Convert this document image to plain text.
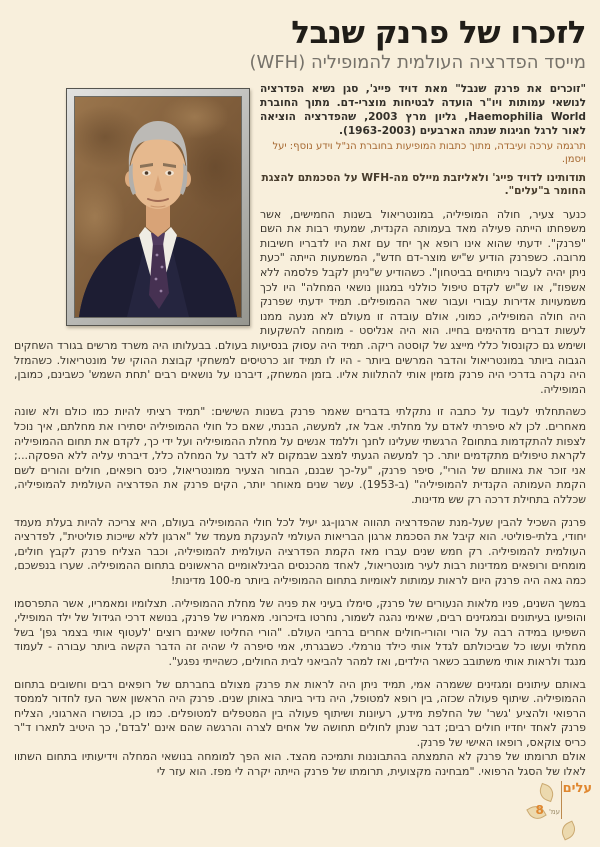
לזכרו של פרנק שנבל
מייסד הפדרציה העולמית להמופיליה (WFH)

"זוכרים את פרנק שנבל" מאת דויד פייג', סגן נשיא הפדרציה לנושאי עמותות ויו"ר הועדה לבטיחות מוצרי-דם. מתוך החוברת Haemophilia World, גליון מרץ 2003, שהפדרציה הוציאה לאור לרגל חגיגות שנתה הארבעים (1963-2003).

תרגמה ערכה ועיבדה, מתוך כתבות המופיעות בחוברת הנ"ל וידע נוסף: יעל ויסמן.

תודותינו לדויד פייג' ולאליזבת מיילס מה-WFH על הסכמתם להצגת החומר ב"עלים".

כנער צעיר, חולה המופיליה, במונטריאול בשנות החמישים, אשר משפחתו הייתה פעילה מאד בעמותה הקנדית, שמעתי רבות את השם "פרנק". ידעתי שהוא אינו רופא אך יחד עם זאת היו לדבריו חשיבות מרובה. כשפרנק הודיע ש"יש מוצר-דם חדש", המשמעות הייתה "כעת ניתן יהיה לעבור ניתוחים בביטחון". כשהודיע ש"ניתן לקבל פלסמה ללא אשפוז", או ש"יש לקדם טיפול כוללני במגוון נושאי המחלה" היו לכך משמעויות אדירות עבורי ועבור שאר ההמופילים. תמיד ידעתי שפרנק היה חולה המופיליה, כמוני, אולם עובדה זו מעולם לא מנעה ממנו לעשות דברים מדהימים בחייו. הוא היה אנליסט - מומחה להשקעות ושימש גם כקונסול כללי מייצג של קוסטה ריקה. תמיד היה עסוק בנסיעות בעולם. בבעלותו היה משרד מרשים בגורד השחקים הגבוה ביותר במונטריאול והדבר המרשים ביותר - היו לו תמיד זוג כרטיסים למשחקי קבוצת ההוקי של מונטריאול. כשהמזל היה נקרה בדרכי היה פרנק מזמין אותי להתלוות אליו. בזמן המשחק, דיברנו על נושאים רבים 'תחת השמש' כשבינם, כמובן, המופיליה.

כשהתחלתי לעבוד על כתבה זו נתקלתי בדברים שאמר פרנק בשנות השישים: "תמיד רציתי להיות כמו כולם ולא שונה מאחרים. לכן לא סיפרתי לאדם על מחלתי. אבל אז, למעשה, הבנתי, שאם כל חולי ההמופיליה יסתירו את מחלתם, איך נוכל לצפות להתקדמות בתחום? הרגשתי שעלינו לחנך וללמד אנשים על מחלת ההמופיליה ועל ידי כך, לקדם את תחום ההמופיליה לקראת טיפולים מתקדמים יותר. כך למעשה הגעתי למצב שבמקום לא לדבר על המחלה כלל, דיברתי עליה ללא הפסקה...; אני זוכר את גאוותם של הורי", סיפר פרנק, "על-כך שבנם, הבחור הצעיר ממונטריאול, כינס רופאים, חולים והורים לשם הקמת העמותה הקנדית להמופיליה" (ב-1953). עשר שנים מאוחר יותר, הקים פרנק את הפדרציה העולמית להמופיליה, שכללה בתחילת דרכה רק שש מדינות.

פרנק השכיל להבין שעל-מנת שהפדרציה תהווה ארגון-גג יעיל לכל חולי ההמופיליה בעולם, היא צריכה להיות בעלת מעמד יחודי, בלתי-פוליטי. הוא קיבל את הסכמת ארגון הבריאות העולמי להענקת מעמד של "ארגון ללא שייכות פוליטית", לפדרציה העולמית להמופיליה. רק חמש שנים עברו מאז הקמת הפדרציה העולמית להמופיליה, וכבר הצליח פרנק לקבץ חולים, מומחים ורופאים ממדינות רבות לעיר מונטריאול, לאחד מהכנסים הבינלאומיים הראשונים בתחום ההמופיליה. שערו בנפשכם, כמה גאה היה פרנק היום לראות עמותות לאומיות בתחום ההמופיליה ביותר מ-100 מדינות!

במשך השנים, פניו מלאות הנעורים של פרנק, סימלו בעיני את פניה של מחלת ההמופיליה. תצלומיו ומאמריו, אשר התפרסמו והופיעו בעיתונים ובמגזינים רבים, שאימי נהגה לשמור, נחרטו בזיכרוני. מאמריו של פרנק, בנושא דרכי הגידול של ילד המופילי, השפיעו במידה רבה על הורי והורי-חולים אחרים ברחבי העולם. "הורי החליטו שאינם רוצים 'לעטוף אותי בצמר גפן' בשל מחלתי ועשו כל שביכולתם לגדל אותי כילד נורמלי. כשבגרתי, אמי סיפרה לי שהיה זה הדבר הקשה ביותר עבורה - לעמוד מנגד ולראות אותי משתובב כשאר הילדים, ואז למהר להביאני לבית החולים, כשהייתי נפגע".

באותם עיתונים ומגזינים ששמרה אמי, תמיד ניתן היה לראות את פרנק מצולם בחברתם של רופאים רבים וחשובים בתחום ההמופיליה. שיתוף פעולה שכזה, בין רופא למטופל, היה נדיר ביותר באותן שנים. פרנק היה הראשון אשר העז לחדור לממסד הרפואי ולהציע 'גשר' של החלפת מידע, רעיונות ושיתוף פעולה בין המטפלים למטופלים. כמו כן, בכושרו הארגוני, הצליח פרנק לאחד יחדיו חולים רבים; דבר שנתן לחולים תחושה של אחים לצרה והרגשה שהם אינם 'לבדם', כך היטיב לתארו ד"ר כריס צוקאס, רופאו האישי של פרנק.

אולם תרומתו של פרנק לא התמצתה בהתבוננות ותמיכה מהצד. הוא הפך למומחה בנושאי המחלה וידיעותיו בתחום השתוו לאלו של הסגל הרפואי. "מבחינה מקצועית, תרומתו של פרנק הייתה יקרה לי מפז. הוא עזר לי

עלים
עמ' 8
